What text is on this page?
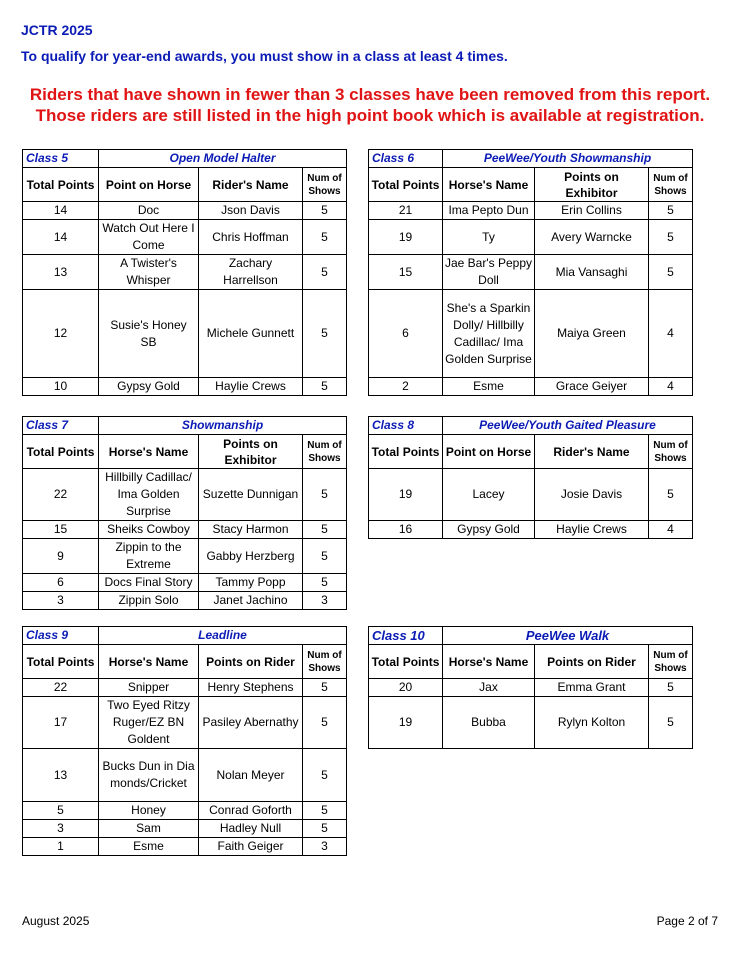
JCTR 2025
To qualify for year-end awards, you must show in a class at least 4 times.
Riders that have shown in fewer than 3 classes have been removed from this report. Those riders are still listed in the high point book which is available at registration.
Class 5	Open Model Halter		
Total Points	Point on Horse	Rider's Name	Num of Shows
14	Doc	Json Davis	5
14	Watch Out Here I Come	Chris Hoffman	5
13	A Twister's Whisper	Zachary Harrellson	5
12	Susie's Honey SB	Michele Gunnett	5
10	Gypsy Gold	Haylie Crews	5
Class 6	PeeWee/Youth Showmanship		
Total Points	Horse's Name	Points on Exhibitor	Num of Shows
21	Ima Pepto Dun	Erin Collins	5
19	Ty	Avery Warncke	5
15	Jae Bar's Peppy Doll	Mia Vansaghi	5
6	She's a Sparkin Dolly/ Hillbilly Cadillac/ Ima Golden Surprise	Maiya Green	4
2	Esme	Grace Geiyer	4
Class 7	Showmanship		
Total Points	Horse's Name	Points on Exhibitor	Num of Shows
22	Hillbilly Cadillac/ Ima Golden Surprise	Suzette Dunnigan	5
15	Sheiks Cowboy	Stacy Harmon	5
9	Zippin to the Extreme	Gabby Herzberg	5
6	Docs Final Story	Tammy Popp	5
3	Zippin Solo	Janet Jachino	3
Class 8	PeeWee/Youth Gaited Pleasure		
Total Points	Point on Horse	Rider's Name	Num of Shows
19	Lacey	Josie Davis	5
16	Gypsy Gold	Haylie Crews	4
Class 9	Leadline		
Total Points	Horse's Name	Points on Rider	Num of Shows
22	Snipper	Henry Stephens	5
17	Two Eyed Ritzy Ruger/EZ BN Goldent	Pasiley Abernathy	5
13	Bucks Dun in Diamonds/Cricket	Nolan Meyer	5
5	Honey	Conrad Goforth	5
3	Sam	Hadley Null	5
1	Esme	Faith Geiger	3
Class 10	PeeWee Walk		
Total Points	Horse's Name	Points on Rider	Num of Shows
20	Jax	Emma Grant	5
19	Bubba	Rylyn Kolton	5
August 2025	Page 2 of 7
